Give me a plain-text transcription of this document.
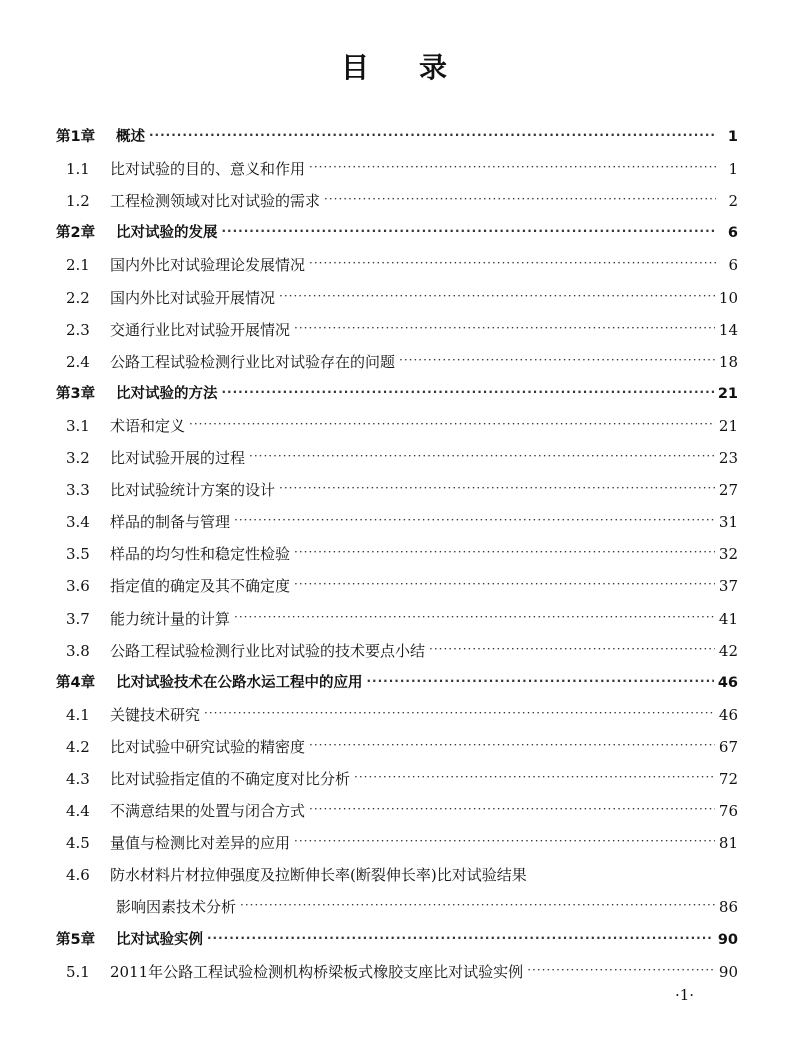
目 录
第1章	概述 ·····	1
1.1	比对试验的目的、意义和作用 ·····	1
1.2	工程检测领域对比对试验的需求 ·····	2
第2章	比对试验的发展 ·····	6
2.1	国内外比对试验理论发展情况 ·····	6
2.2	国内外比对试验开展情况 ·····	10
2.3	交通行业比对试验开展情况 ·····	14
2.4	公路工程试验检测行业比对试验存在的问题 ·····	18
第3章	比对试验的方法 ·····	21
3.1	术语和定义 ·····	21
3.2	比对试验开展的过程 ·····	23
3.3	比对试验统计方案的设计 ·····	27
3.4	样品的制备与管理 ·····	31
3.5	样品的均匀性和稳定性检验 ·····	32
3.6	指定值的确定及其不确定度 ·····	37
3.7	能力统计量的计算 ·····	41
3.8	公路工程试验检测行业比对试验的技术要点小结 ·····	42
第4章	比对试验技术在公路水运工程中的应用 ·····	46
4.1	关键技术研究 ·····	46
4.2	比对试验中研究试验的精密度 ·····	67
4.3	比对试验指定值的不确定度对比分析 ·····	72
4.4	不满意结果的处置与闭合方式 ·····	76
4.5	量值与检测比对差异的应用 ·····	81
4.6	防水材料片材拉伸强度及拉断伸长率(断裂伸长率)比对试验结果
影响因素技术分析 ·····	86
第5章	比对试验实例 ·····	90
5.1	2011年公路工程试验检测机构桥梁板式橡胶支座比对试验实例 ·····	90
·1·
